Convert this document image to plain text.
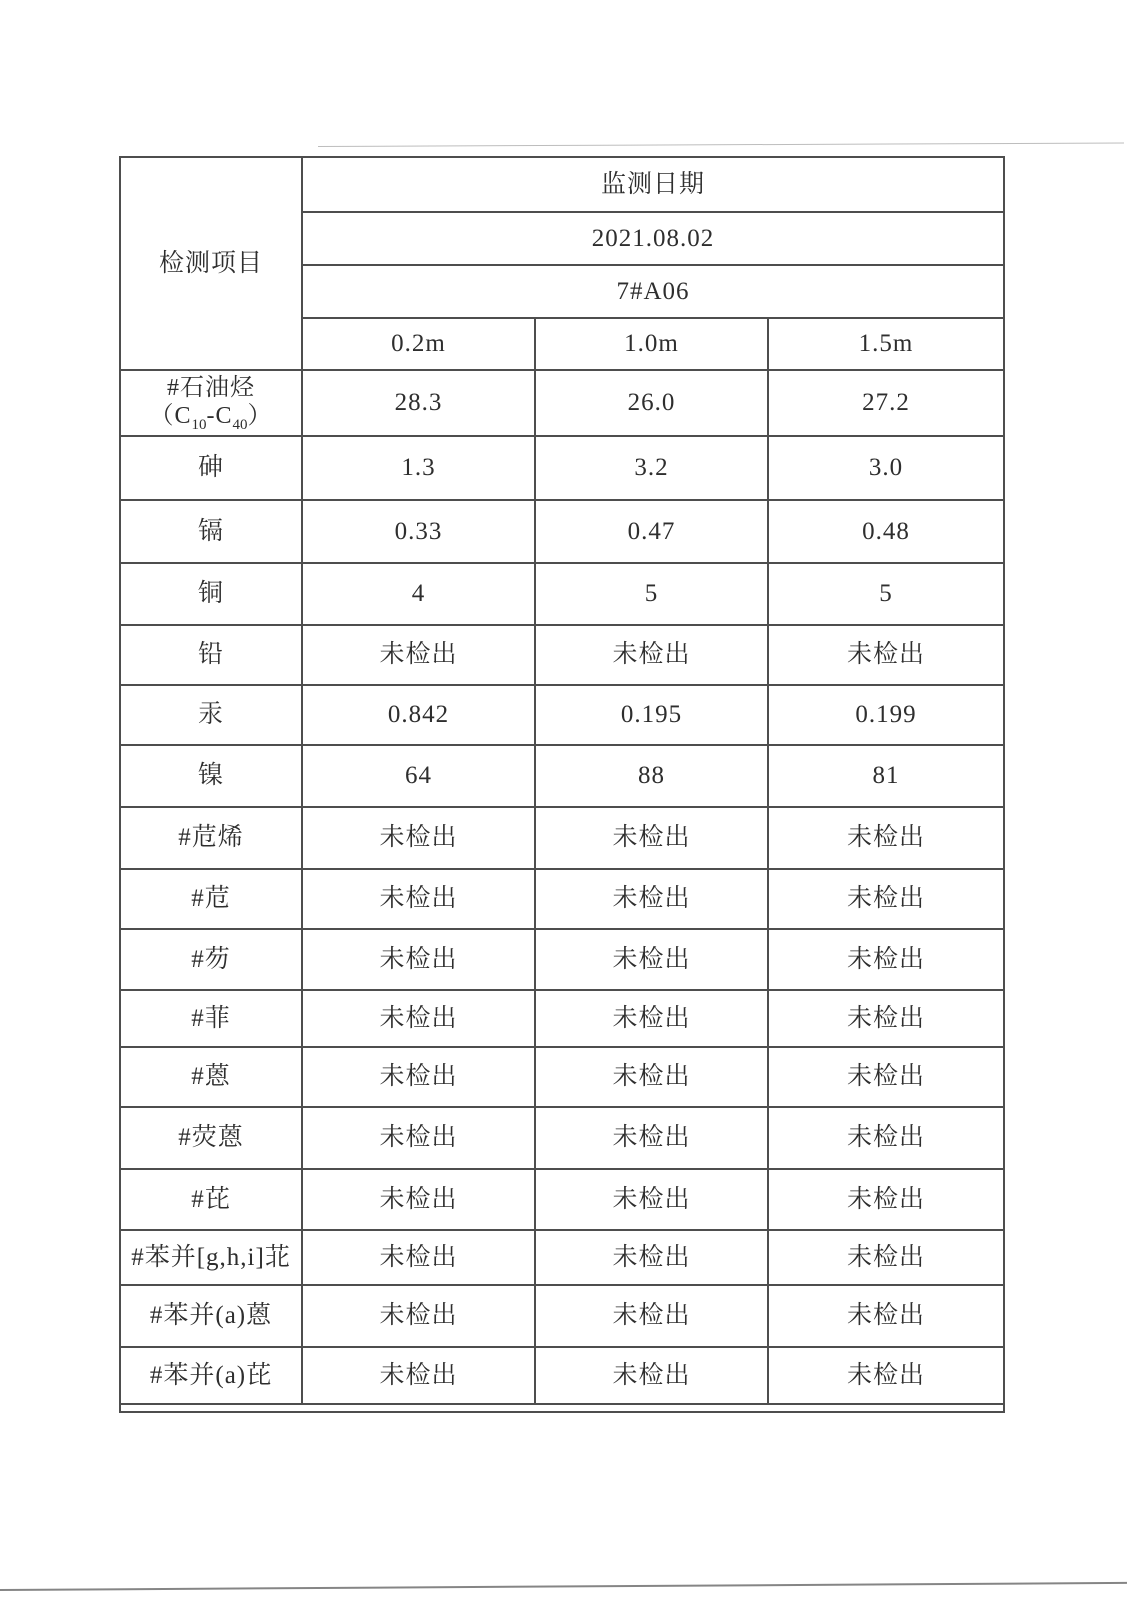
检测项目	监测日期		
	2021.08.02		
	7#A06		
	0.2m	1.0m	1.5m
#石油烃
$(C_{10}-C_{40})$	28.3	26.0	27.2
砷	1.3	3.2	3.0
镉	0.33	0.47	0.48
铜	4	5	5
铅	未检出	未检出	未检出
汞	0.842	0.195	0.199
镍	64	88	81
#苊烯	未检出	未检出	未检出
#苊	未检出	未检出	未检出
#芴	未检出	未检出	未检出
#菲	未检出	未检出	未检出
#蒽	未检出	未检出	未检出
#荧蒽	未检出	未检出	未检出
#芘	未检出	未检出	未检出
#苯并[g,h,i]苝	未检出	未检出	未检出
#苯并(a)蒽	未检出	未检出	未检出
#苯并(a)芘	未检出	未检出	未检出
